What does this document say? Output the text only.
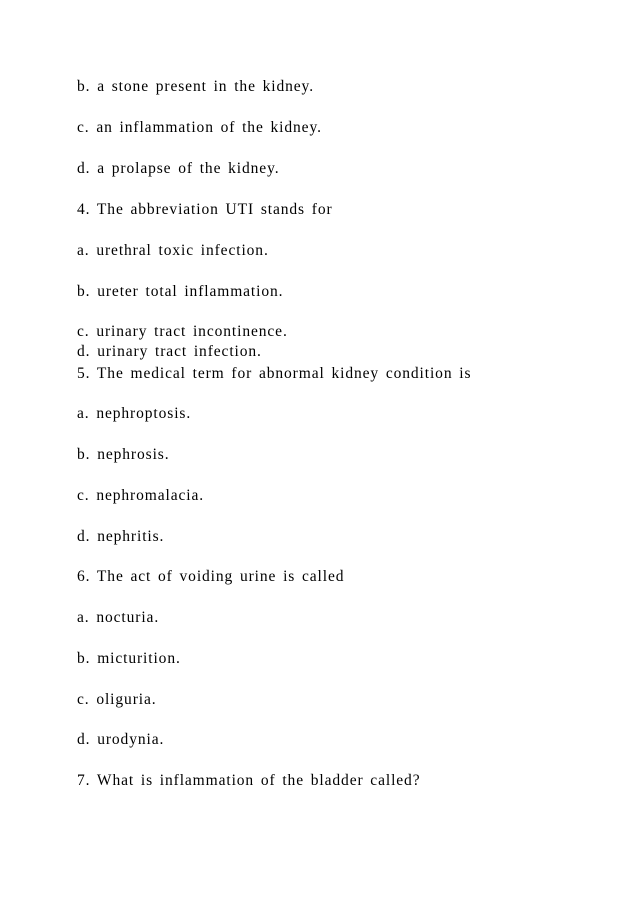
b. a stone present in the kidney.
c. an inflammation of the kidney.
d. a prolapse of the kidney.
4. The abbreviation UTI stands for
a. urethral toxic infection.
b. ureter total inflammation.
c. urinary tract incontinence.
d. urinary tract infection.
5. The medical term for abnormal kidney condition is
a. nephroptosis.
b. nephrosis.
c. nephromalacia.
d. nephritis.
6. The act of voiding urine is called
a. nocturia.
b. micturition.
c. oliguria.
d. urodynia.
7. What is inflammation of the bladder called?
